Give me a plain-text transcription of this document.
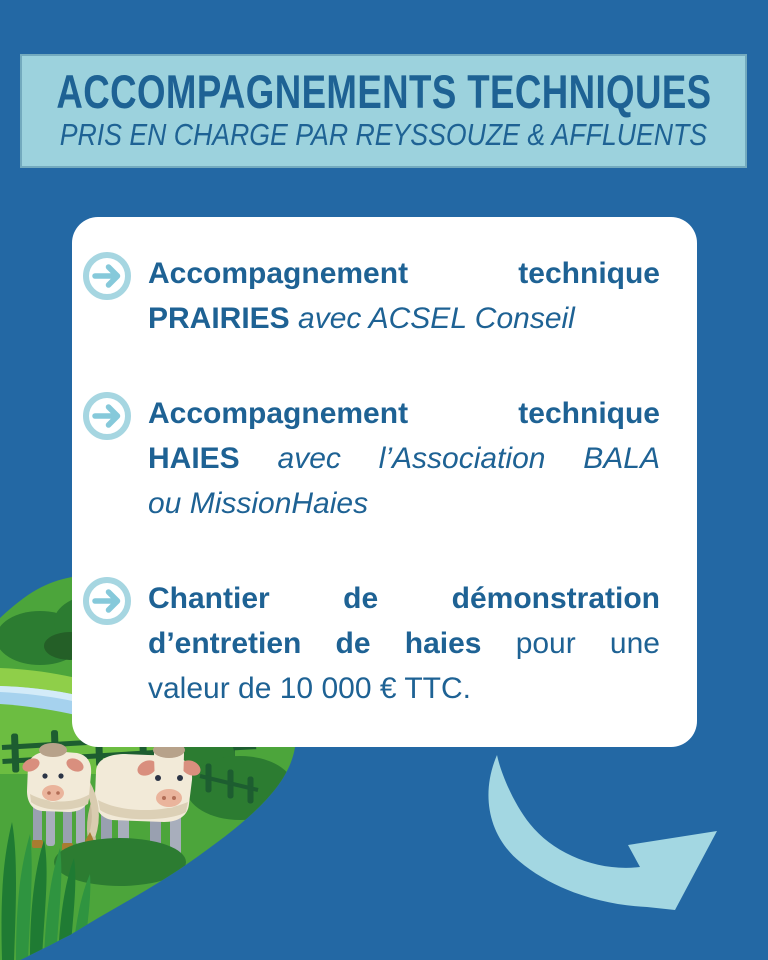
ACCOMPAGNEMENTS TECHNIQUES
PRIS EN CHARGE PAR REYSSOUZE & AFFLUENTS
Accompagnement technique
PRAIRIES avec ACSEL Conseil
Accompagnement technique
HAIES avec l’Association BALA
ou MissionHaies
Chantier de démonstration
d’entretien de haies pour une
valeur de 10 000 € TTC.
